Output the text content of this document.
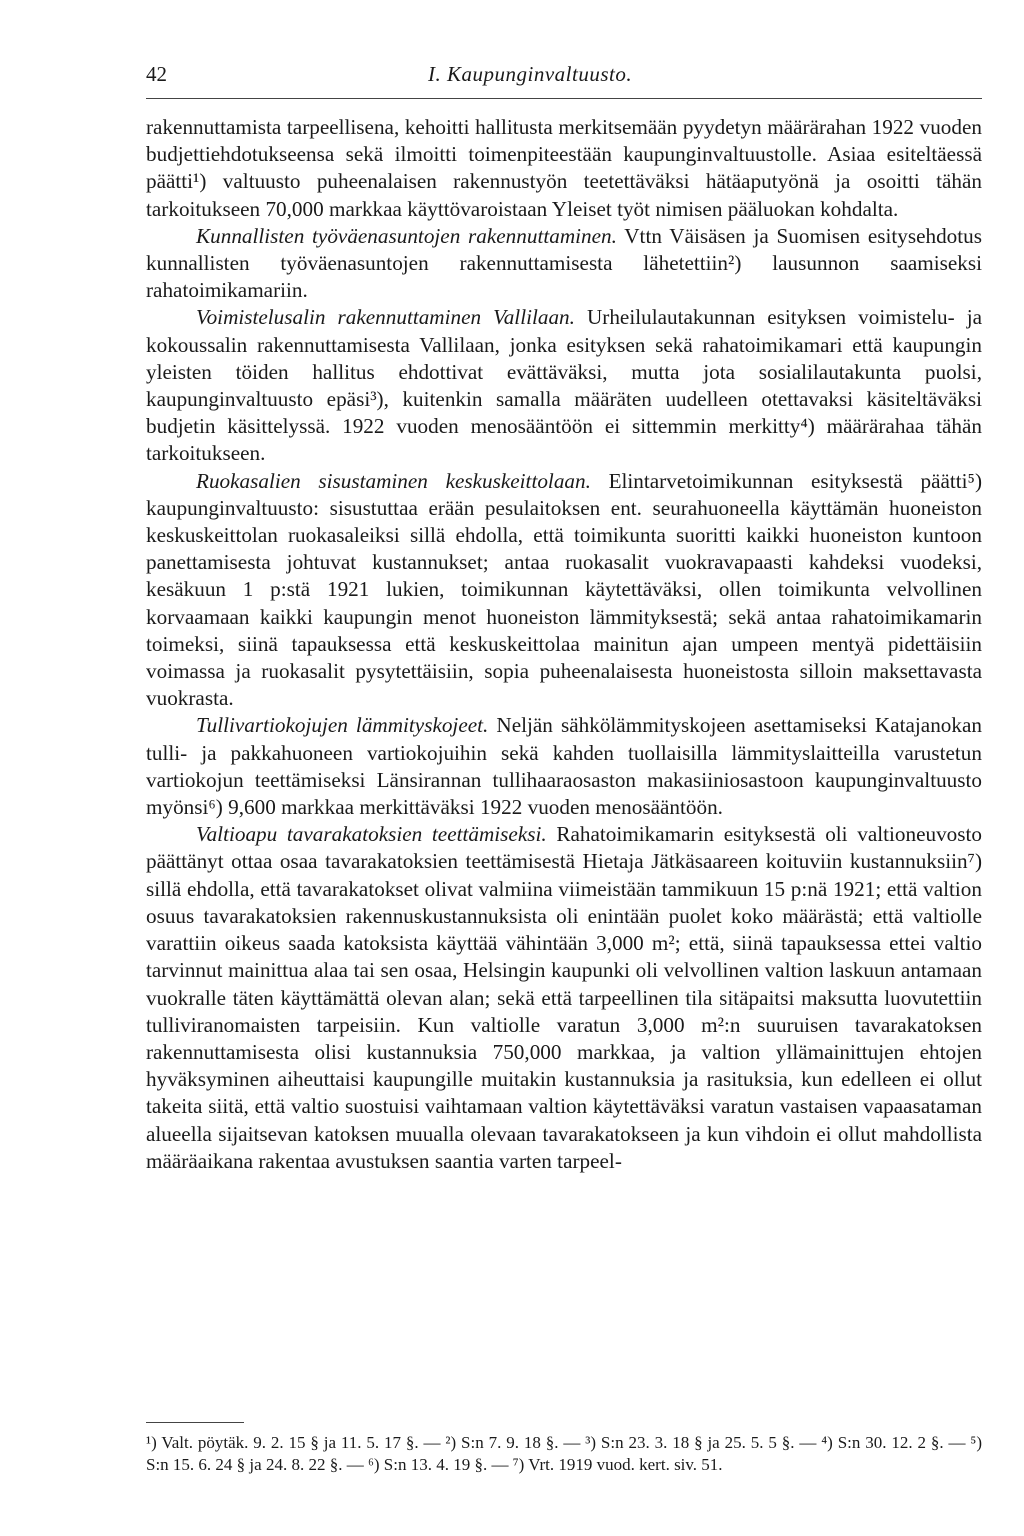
42	I. Kaupunginvaltuusto.

rakennuttamista tarpeellisena, kehoitti hallitusta merkitsemään pyydetyn määrärahan 1922 vuoden budjettiehdotukseensa sekä ilmoitti toimenpiteestään kaupunginvaltuustolle. Asiaa esiteltäessä päätti¹) valtuusto puheenalaisen rakennustyön teetettäväksi hätäaputyönä ja osoitti tähän tarkoitukseen 70,000 markkaa käyttövaroistaan Yleiset työt nimisen pääluokan kohdalta.

Kunnallisten työväenasuntojen rakennuttaminen. Vttn Väisäsen ja Suomisen esitysehdotus kunnallisten työväenasuntojen rakennuttamisesta lähetettiin²) lausunnon saamiseksi rahatoimikamariin.

Voimistelusalin rakennuttaminen Vallilaan. Urheilulautakunnan esityksen voimistelu- ja kokoussalin rakennuttamisesta Vallilaan, jonka esityksen sekä rahatoimikamari että kaupungin yleisten töiden hallitus ehdottivat evättäväksi, mutta jota sosialilautakunta puolsi, kaupunginvaltuusto epäsi³), kuitenkin samalla määräten uudelleen otettavaksi käsiteltäväksi budjetin käsittelyssä. 1922 vuoden menosääntöön ei sittemmin merkitty⁴) määrärahaa tähän tarkoitukseen.

Ruokasalien sisustaminen keskuskeittolaan. Elintarvetoimikunnan esityksestä päätti⁵) kaupunginvaltuusto: sisustuttaa erään pesulaitoksen ent. seurahuoneella käyttämän huoneiston keskuskeittolan ruokasaleiksi sillä ehdolla, että toimikunta suoritti kaikki huoneiston kuntoon panettamisesta johtuvat kustannukset; antaa ruokasalit vuokravapaasti kahdeksi vuodeksi, kesäkuun 1 p:stä 1921 lukien, toimikunnan käytettäväksi, ollen toimikunta velvollinen korvaamaan kaikki kaupungin menot huoneiston lämmityksestä; sekä antaa rahatoimikamarin toimeksi, siinä tapauksessa että keskuskeittolaa mainitun ajan umpeen mentyä pidettäisiin voimassa ja ruokasalit pysytettäisiin, sopia puheenalaisesta huoneistosta silloin maksettavasta vuokrasta.

Tullivartiokojujen lämmityskojeet. Neljän sähkölämmityskojeen asettamiseksi Katajanokan tulli- ja pakkahuoneen vartiokojuihin sekä kahden tuollaisilla lämmityslaitteilla varustetun vartiokojun teettämiseksi Länsirannan tullihaaraosaston makasiiniosastoon kaupunginvaltuusto myönsi⁶) 9,600 markkaa merkittäväksi 1922 vuoden menosääntöön.

Valtioapu tavarakatoksien teettämiseksi. Rahatoimikamarin esityksestä oli valtioneuvosto päättänyt ottaa osaa tavarakatoksien teettämisestä Hietaja Jätkäsaareen koituviin kustannuksiin⁷) sillä ehdolla, että tavarakatokset olivat valmiina viimeistään tammikuun 15 p:nä 1921; että valtion osuus tavarakatoksien rakennuskustannuksista oli enintään puolet koko määrästä; että valtiolle varattiin oikeus saada katoksista käyttää vähintään 3,000 m²; että, siinä tapauksessa ettei valtio tarvinnut mainittua alaa tai sen osaa, Helsingin kaupunki oli velvollinen valtion laskuun antamaan vuokralle täten käyttämättä olevan alan; sekä että tarpeellinen tila sitäpaitsi maksutta luovutettiin tulliviranomaisten tarpeisiin. Kun valtiolle varatun 3,000 m²:n suuruisen tavarakatoksen rakennuttamisesta olisi kustannuksia 750,000 markkaa, ja valtion yllämainittujen ehtojen hyväksyminen aiheuttaisi kaupungille muitakin kustannuksia ja rasituksia, kun edelleen ei ollut takeita siitä, että valtio suostuisi vaihtamaan valtion käytettäväksi varatun vastaisen vapaasataman alueella sijaitsevan katoksen muualla olevaan tavarakatokseen ja kun vihdoin ei ollut mahdollista määräaikana rakentaa avustuksen saantia varten tarpeel-

¹) Valt. pöytäk. 9. 2. 15 § ja 11. 5. 17 §. — ²) S:n 7. 9. 18 §. — ³) S:n 23. 3. 18 § ja 25. 5. 5 §. — ⁴) S:n 30. 12. 2 §. — ⁵) S:n 15. 6. 24 § ja 24. 8. 22 §. — ⁶) S:n 13. 4. 19 §. — ⁷) Vrt. 1919 vuod. kert. siv. 51.
